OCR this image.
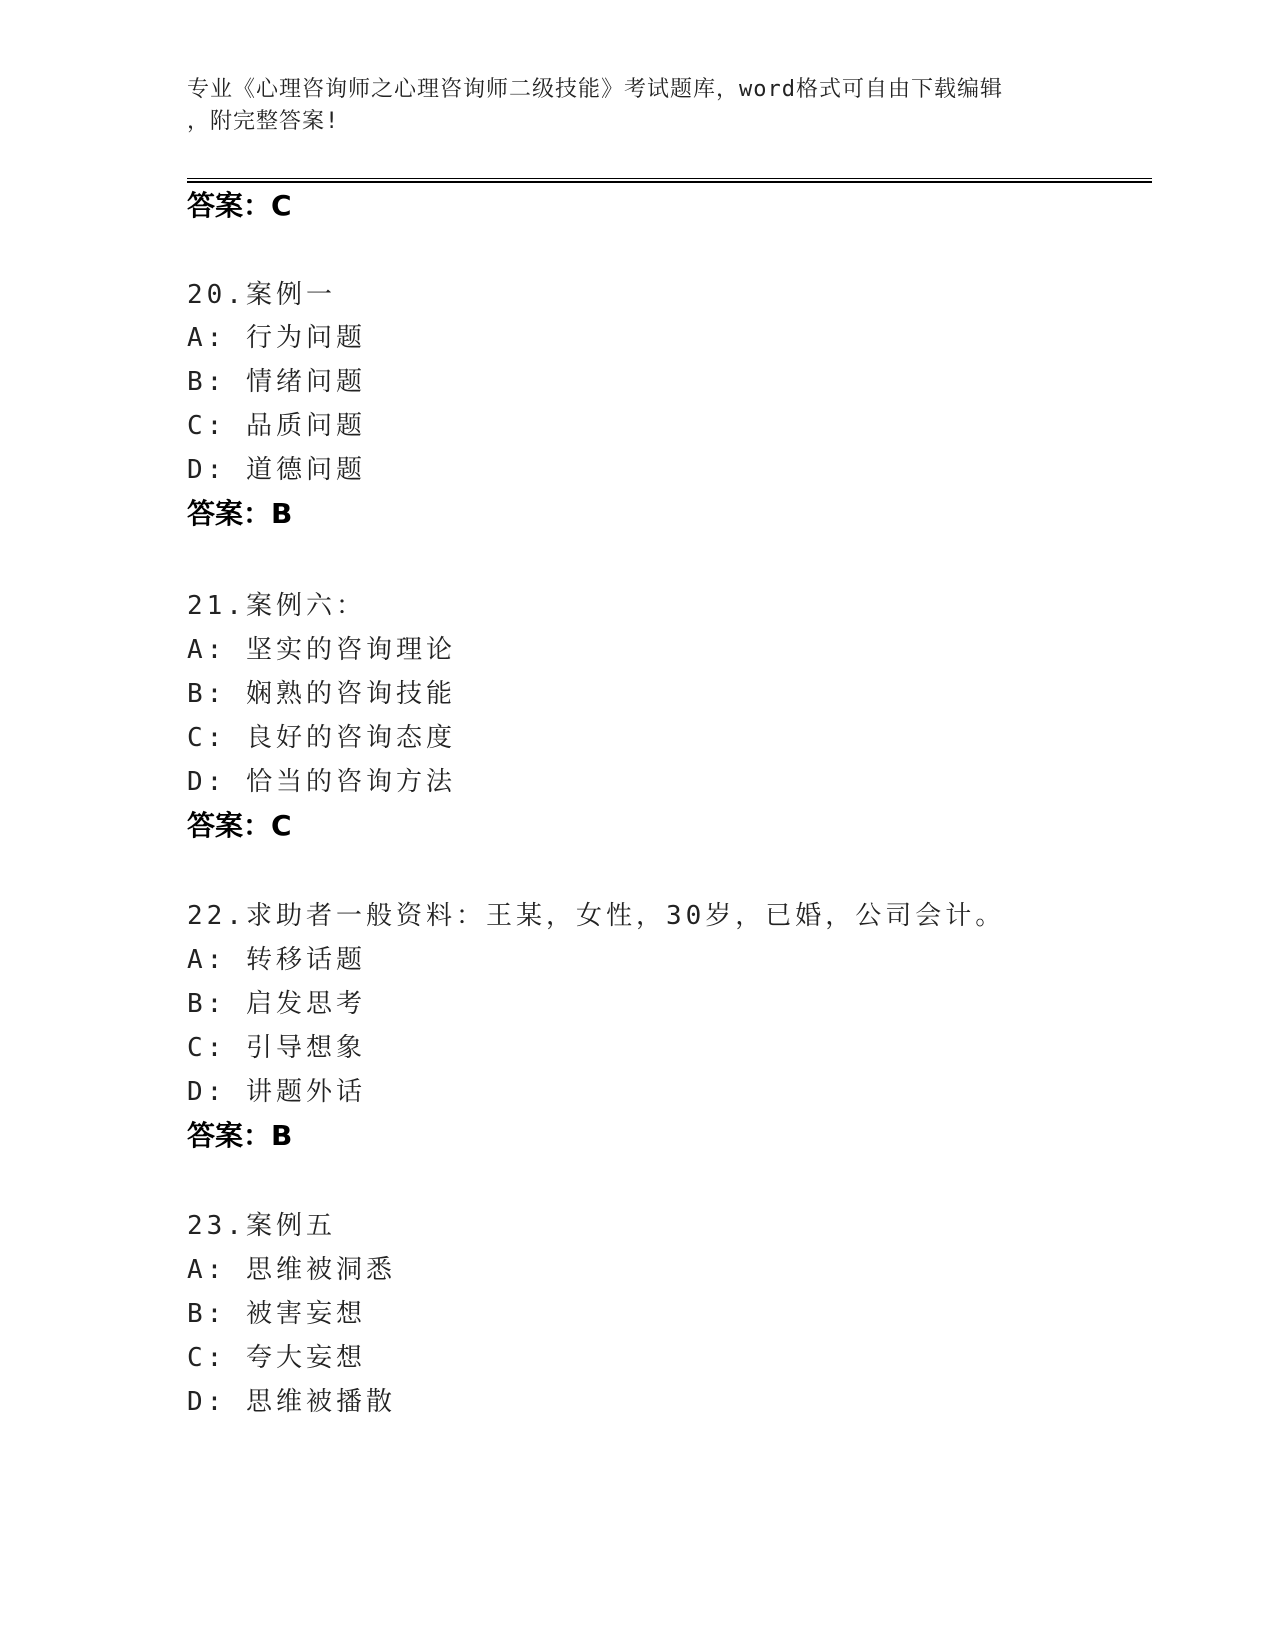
专业《心理咨询师之心理咨询师二级技能》考试题库，word格式可自由下载编辑
，附完整答案!
答案：C
20.案例一
A: 行为问题
B: 情绪问题
C: 品质问题
D: 道德问题
答案：B
21.案例六：
A: 坚实的咨询理论
B: 娴熟的咨询技能
C: 良好的咨询态度
D: 恰当的咨询方法
答案：C
22.求助者一般资料：王某，女性，30岁，已婚，公司会计。
A: 转移话题
B: 启发思考
C: 引导想象
D: 讲题外话
答案：B
23.案例五
A: 思维被洞悉
B: 被害妄想
C: 夸大妄想
D: 思维被播散
